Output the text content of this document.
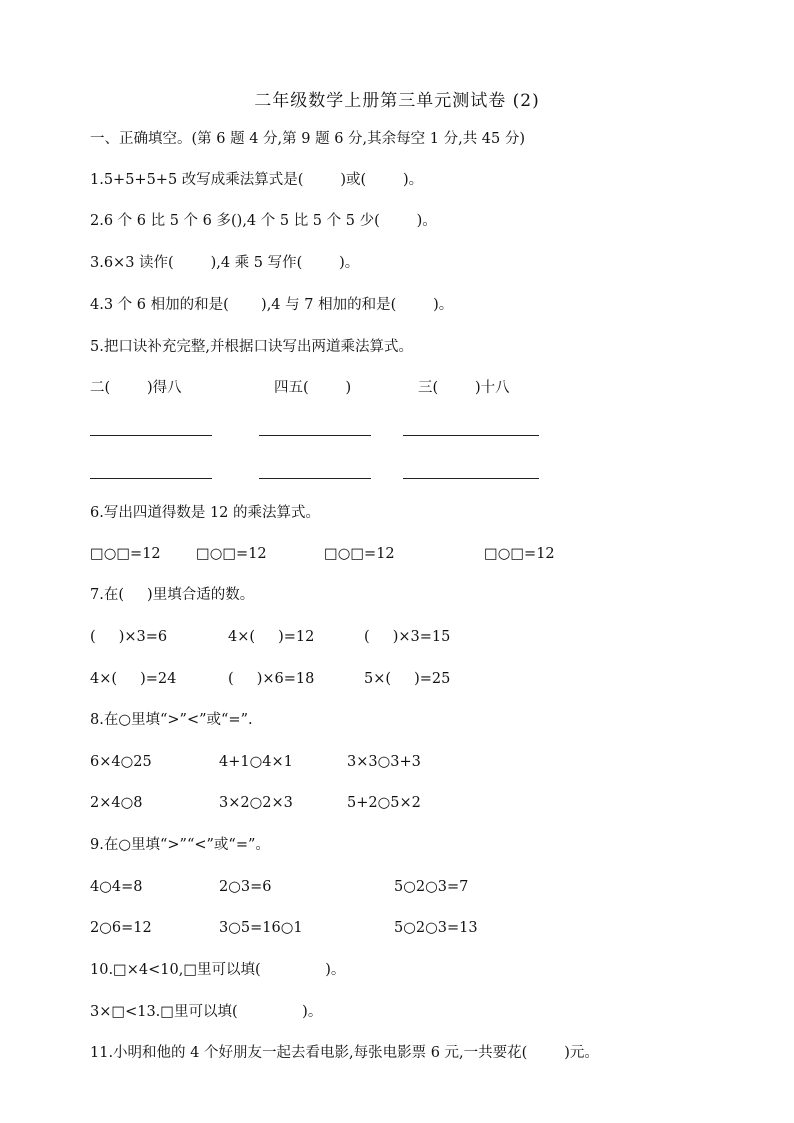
二年级数学上册第三单元测试卷 (2)
一、正确填空。(第 6 题 4 分,第 9 题 6 分,其余每空 1 分,共 45 分)
1.5+5+5+5 改写成乘法算式是(        )或(        )。
2.6 个 6 比 5 个 6 多(),4 个 5 比 5 个 5 少(        )。
3.6×3 读作(        ),4 乘 5 写作(        )。
4.3 个 6 相加的和是(       ),4 与 7 相加的和是(        )。
5.把口诀补充完整,并根据口诀写出两道乘法算式。
二(        )得八	四五(        )	三(        )十八
6.写出四道得数是 12 的乘法算式。
□○□=12 □○□=12	□○□=12	□○□=12
7.在(     )里填合适的数。
(     )×3=6	4×(     )=12	(     )×3=15
4×(     )=24	(     )×6=18	5×(     )=25
8.在○里填“>”<”或“=”.
6×4○25	4+1○4×1	3×3○3+3
2×4○8	3×2○2×3	5+2○5×2
9.在○里填“>”“<”或“=”。
4○4=8	2○3=6	5○2○3=7
2○6=12	3○5=16○1	5○2○3=13
10.□×4<10,□里可以填(              )。
3×□<13.□里可以填(              )。
11.小明和他的 4 个好朋友一起去看电影,每张电影票 6 元,一共要花(        )元。
